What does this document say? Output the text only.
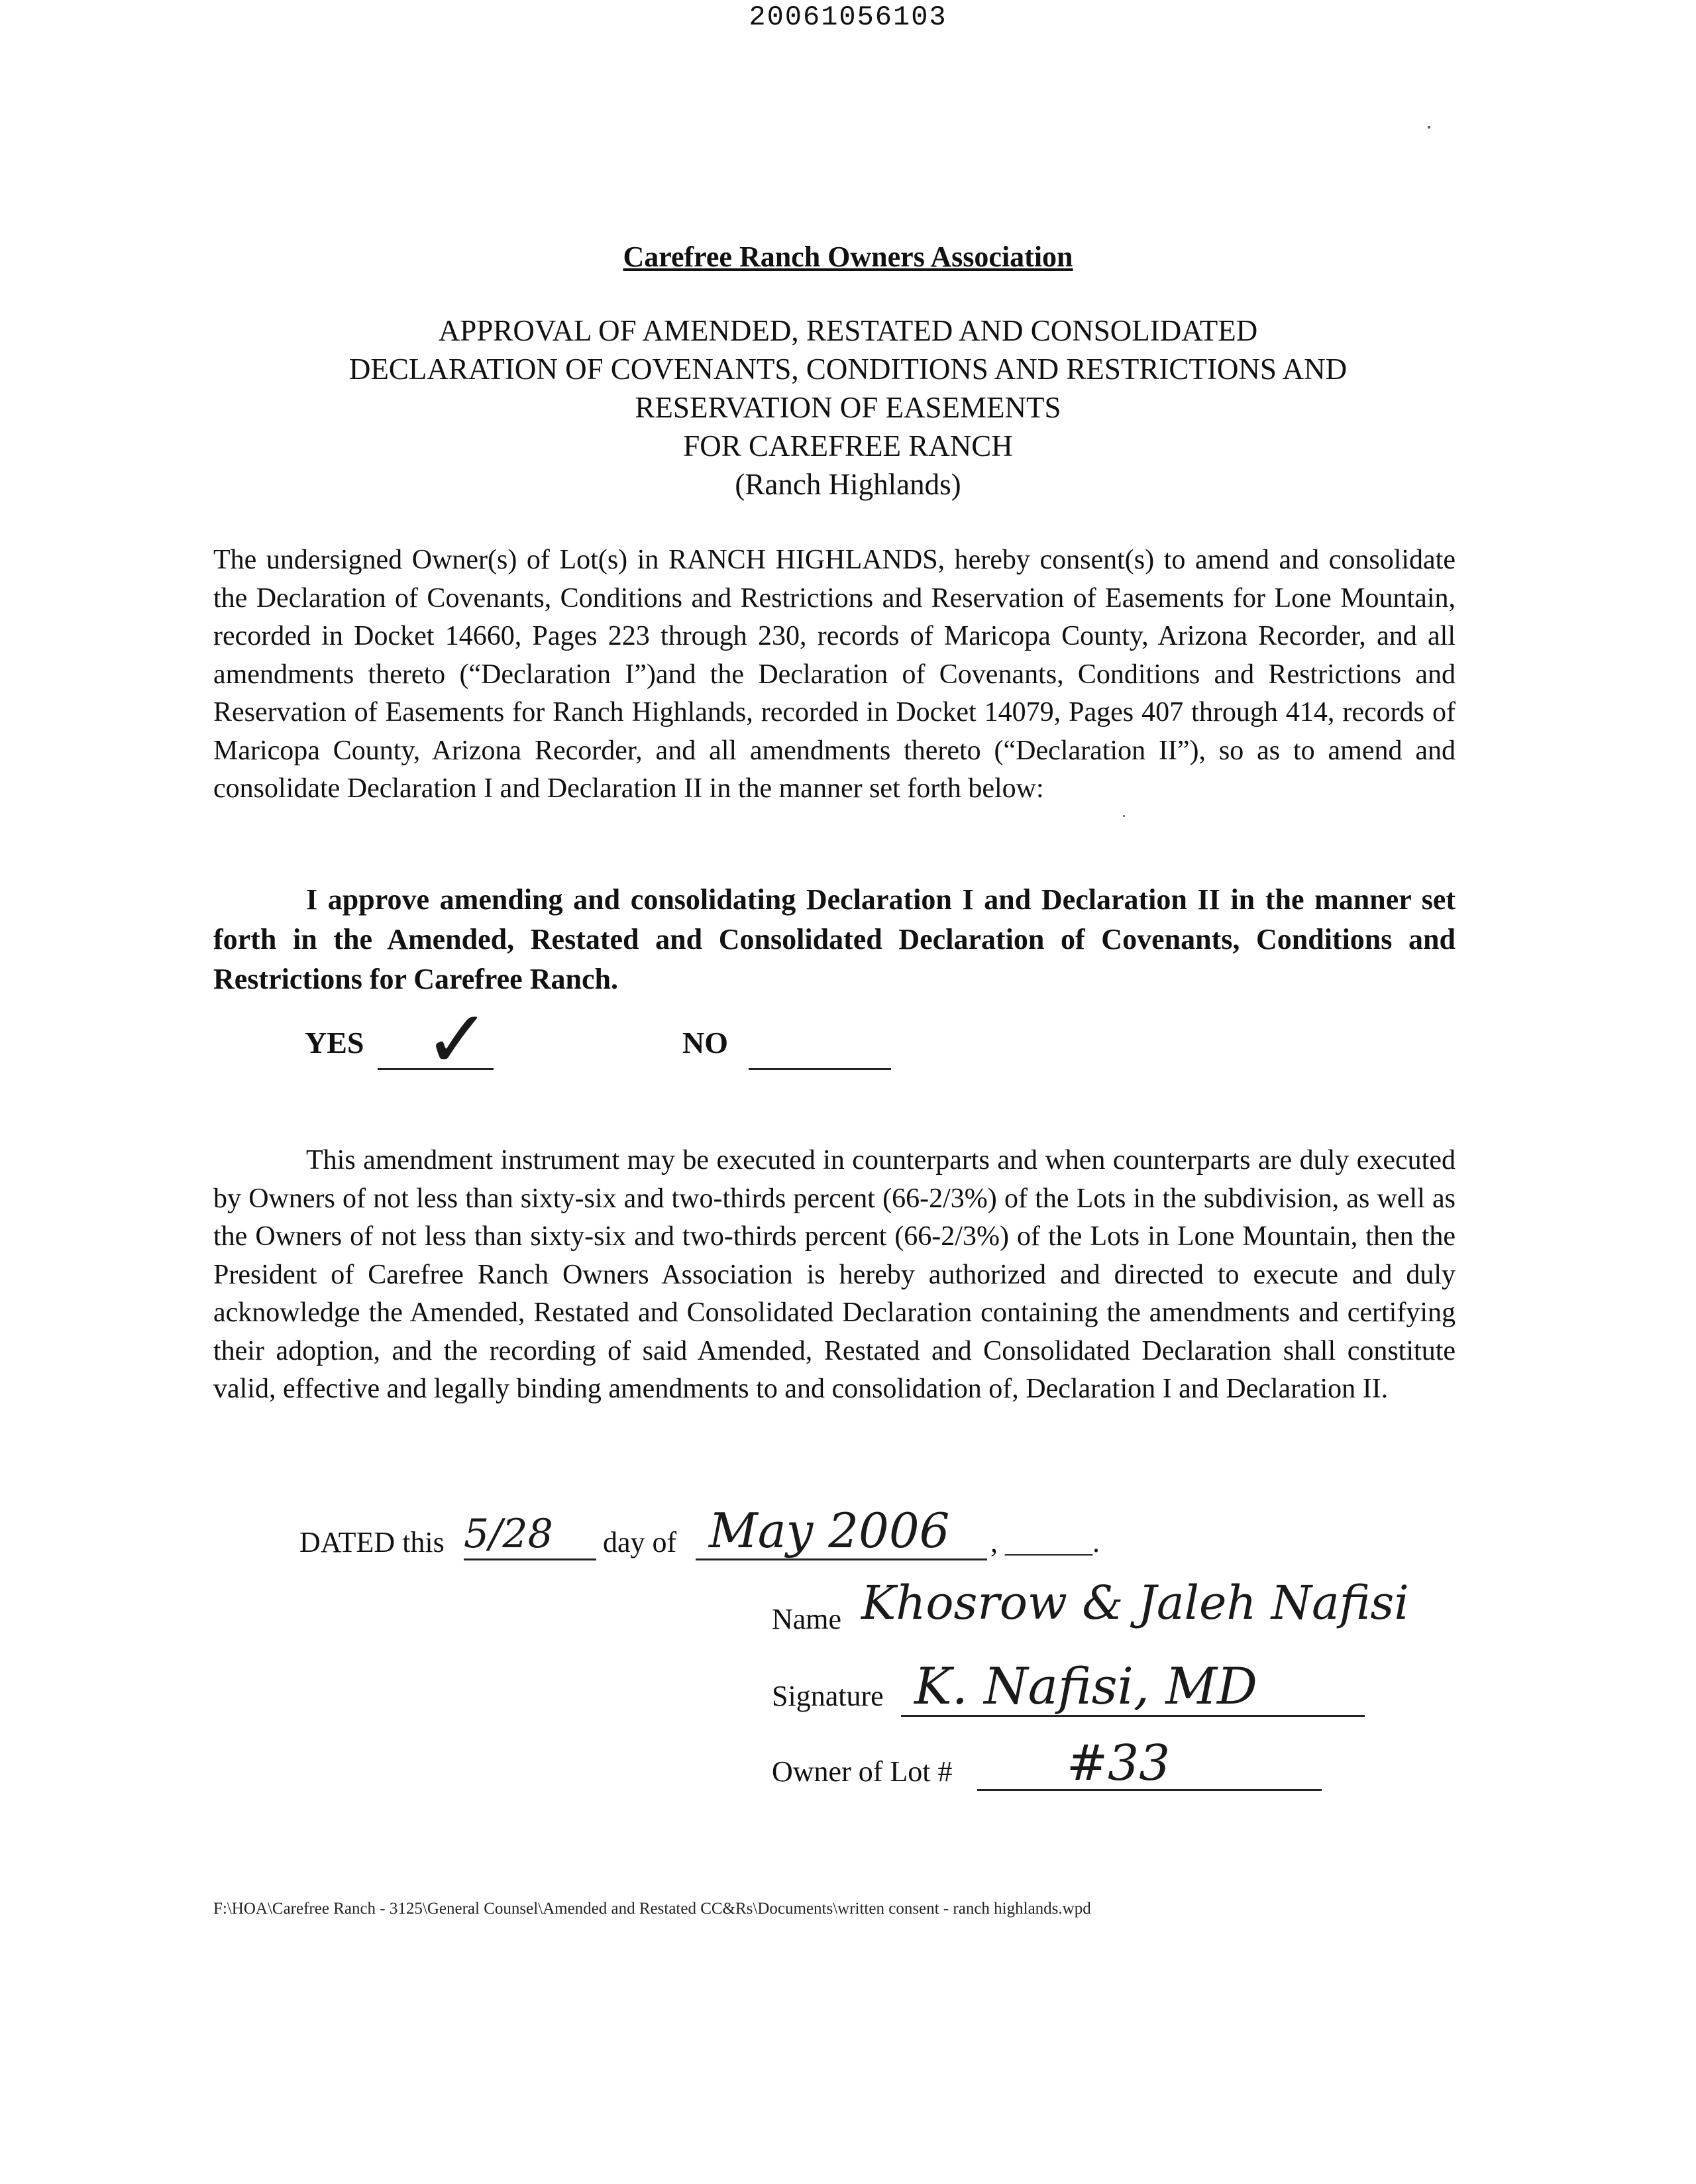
20061056103
Carefree Ranch Owners Association
APPROVAL OF AMENDED, RESTATED AND CONSOLIDATED
DECLARATION OF COVENANTS, CONDITIONS AND RESTRICTIONS AND
RESERVATION OF EASEMENTS
FOR CAREFREE RANCH
(Ranch Highlands)
The undersigned Owner(s) of Lot(s) in RANCH HIGHLANDS, hereby consent(s) to amend and consolidate the Declaration of Covenants, Conditions and Restrictions and Reservation of Easements for Lone Mountain, recorded in Docket 14660, Pages 223 through 230, records of Maricopa County, Arizona Recorder, and all amendments thereto (“Declaration I”)and the Declaration of Covenants, Conditions and Restrictions and Reservation of Easements for Ranch Highlands, recorded in Docket 14079, Pages 407 through 414, records of Maricopa County, Arizona Recorder, and all amendments thereto (“Declaration II”), so as to amend and consolidate Declaration I and Declaration II in the manner set forth below:
I approve amending and consolidating Declaration I and Declaration II in the manner set forth in the Amended, Restated and Consolidated Declaration of Covenants, Conditions and Restrictions for Carefree Ranch.
YES ✓	NO
This amendment instrument may be executed in counterparts and when counterparts are duly executed by Owners of not less than sixty-six and two-thirds percent (66-2/3%) of the Lots in the subdivision, as well as the Owners of not less than sixty-six and two-thirds percent (66-2/3%) of the Lots in Lone Mountain, then the President of Carefree Ranch Owners Association is hereby authorized and directed to execute and duly acknowledge the Amended, Restated and Consolidated Declaration containing the amendments and certifying their adoption, and the recording of said Amended, Restated and Consolidated Declaration shall constitute valid, effective and legally binding amendments to and consolidation of, Declaration I and Declaration II.
DATED this 5/28 day of May 2006 , ______.
Name Khosrow & Jaleh Nafisi
Signature K. Nafisi, MD
Owner of Lot # #33
F:\HOA\Carefree Ranch - 3125\General Counsel\Amended and Restated CC&Rs\Documents\written consent - ranch highlands.wpd
